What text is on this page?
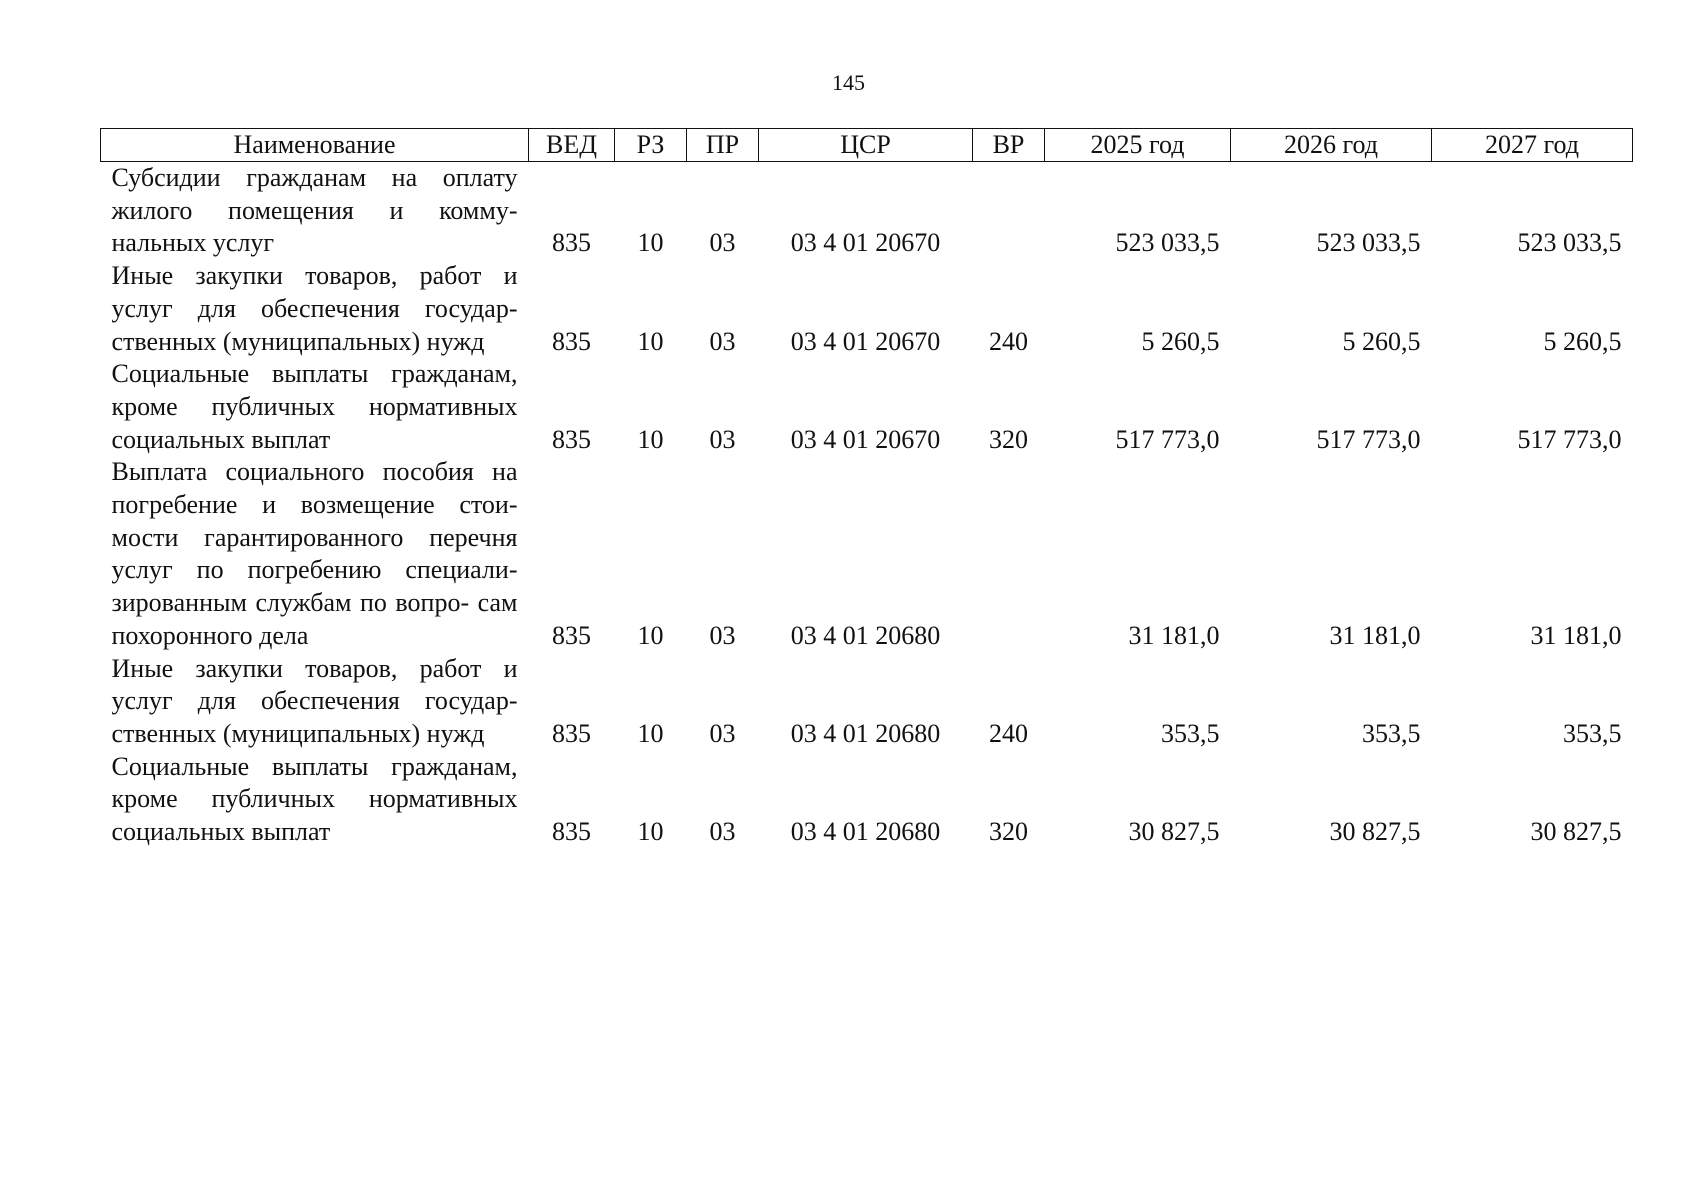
145
Наименование	ВЕД	РЗ	ПР	ЦСР	ВР	2025 год	2026 год	2027 год
Субсидии гражданам на оплату жилого помещения и комму- нальных услуг	835	10	03	03 4 01 20670		523 033,5	523 033,5	523 033,5
Иные закупки товаров, работ и услуг для обеспечения государ- ственных (муниципальных) нужд	835	10	03	03 4 01 20670	240	5 260,5	5 260,5	5 260,5
Социальные выплаты гражданам, кроме публичных нормативных социальных выплат	835	10	03	03 4 01 20670	320	517 773,0	517 773,0	517 773,0
Выплата социального пособия на погребение и возмещение стои- мости гарантированного перечня услуг по погребению специали- зированным службам по вопро- сам похоронного дела	835	10	03	03 4 01 20680		31 181,0	31 181,0	31 181,0
Иные закупки товаров, работ и услуг для обеспечения государ- ственных (муниципальных) нужд	835	10	03	03 4 01 20680	240	353,5	353,5	353,5
Социальные выплаты гражданам, кроме публичных нормативных социальных выплат	835	10	03	03 4 01 20680	320	30 827,5	30 827,5	30 827,5
